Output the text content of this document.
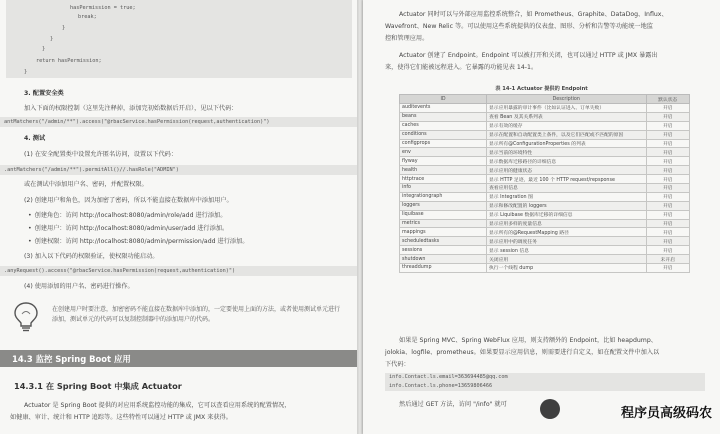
hasPermission = true;

break;

}

}

}

return hasPermission;

}

3. 配置安全类
加入下面的权限控制（这里先注释掉，添加完初始数据后开启），见以下代码：
antMatchers("/admin/**").access("@rbacService.hasPermission(request,authentication)")
4. 测试
(1) 在安全配置类中设置允许匿名访问，设置以下代码：
.antMatchers("/admin/**").permitAll()//.hasRole("ADMIN")
或在测试中添加用户名、密码，并配置权限。
(2) 创建用户和角色，因为加密了密码，所以不能直接在数据库中添加用户。
• 创建角色：访问 http://localhost:8080/admin/role/add 进行添加。
• 创建用户：访问 http://localhost:8080/admin/user/add 进行添加。
• 创建权限：访问 http://localhost:8080/admin/permission/add 进行添加。
(3) 加入以下代码的权限验证，使权限功能启动。
.anyRequest().access("@rbacService.hasPermission(request,authentication)")
(4) 使用添加的用户名、密码进行操作。
在创建用户时要注意，加密密码不能直接在数据库中添加的，一定要使用上面的方法，或者使用测试单元进行添加，测试单元的代码可以复制控制器中的添加用户的代码。
14.3 监控 Spring Boot 应用
14.3.1 在 Spring Boot 中集成 Actuator
Actuator 是 Spring Boot 提供的对应用系统监控功能的集成，它可以查看应用系统的配置情况，
如健康、审计、统计和 HTTP 追踪等。这些特性可以通过 HTTP 或 JMX 来获得。
Actuator 同时可以与外部应用监控系统整合，如 Prometheus、Graphite、DataDog、Influx、
Wavefront、New Relic 等。可以使用这些系统提供的仪表盘、图形、分析和告警等功能统一地监
控和管理应用。
Actuator 创建了 Endpoint。Endpoint 可以被打开和关闭，也可以通过 HTTP 或 JMX 暴露出
来，使得它们能被远程进入。它暴露的功能见表 14-1。
表 14-1 Actuator 提供的 Endpoint
ID	Description	默认状态
auditevents	显示应用暴露的审计事件（比如认证进入、订单失败）	开启
beans	查看 Bean 及其关系列表	开启
caches	显示有效的缓存	开启
conditions	显示在配置和自动配置类上条件，以及它们匹配或不匹配的原因	开启
configprops	显示所有@ConfigurationProperties 的列表	开启
env	显示当前的环境特性	开启
flyway	显示数据库迁移路径的详细信息	开启
health	显示应用的健康状态	开启
httptrace	显示 HTTP 足迹，最近 100 个 HTTP request/repsponse	开启
info	查看应用信息	开启
integrationgraph	显示 Integration 图	开启
loggers	显示和修改配置的 loggers	开启
liquibase	显示 Liquibase 数据库迁移的详细信息	开启
metrics	显示应用多样的度量信息	开启
mappings	显示所有的@RequestMapping 路径	开启
scheduledtasks	显示应用中的调度任务	开启
sessions	显示 session 信息	开启
shutdown	关闭应用	未开启
threaddump	执行一个线程 dump	开启
如果是 Spring MVC、Spring WebFlux 应用，则支持额外的 Endpoint，比如 heapdump、
jolokia、logfile、prometheus。如果要显示应用信息，则需要进行自定义，如在配置文件中加入以
下代码：

info.Contact.ls.email=363694485@qq.com

info.Contact.ls.phone=13659806466

然后通过 GET 方法，访问 "/info" 就可
程序员高级码农
